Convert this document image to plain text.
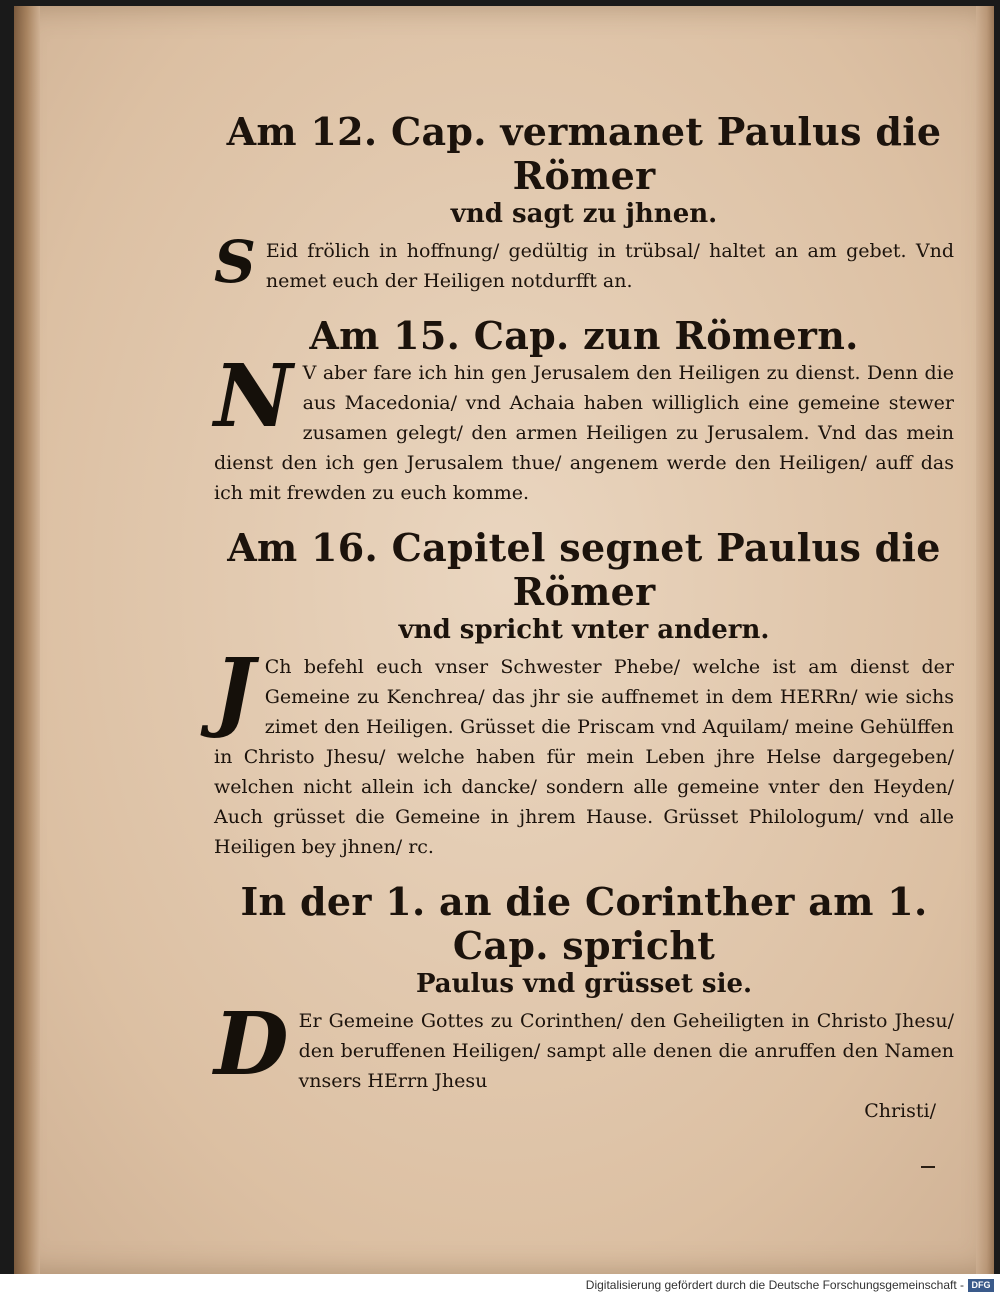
Am 12. Cap. vermanet Paulus die Römer
vnd sagt zu jhnen.

S Eid frölich in hoffnung/ gedültig in trübsal/ haltet an am gebet. Vnd nemet euch der Heiligen notdurfft an.

Am 15. Cap. zun Römern.

N V aber fare ich hin gen Jerusalem den Heiligen zu dienst. Denn die aus Macedonia/ vnd Achaia haben williglich eine gemeine stewer zusamen gelegt/ den armen Heiligen zu Jerusalem. Vnd das mein dienst den ich gen Jerusalem thue/ angenem werde den Heiligen/ auff das ich mit frewden zu euch komme.

Am 16. Capitel segnet Paulus die Römer
vnd spricht vnter andern.

J Ch befehl euch vnser Schwester Phebe/ welche ist am dienst der Gemeine zu Kenchrea/ das jhr sie auffnemet in dem HERRn/ wie sichs zimet den Heiligen. Grüsset die Priscam vnd Aquilam/ meine Gehülffen in Christo Jhesu/ welche haben für mein Leben jhre Helse dargegeben/ welchen nicht allein ich dancke/ sondern alle gemeine vnter den Heyden/ Auch grüsset die Gemeine in jhrem Hause. Grüsset Philologum/ vnd alle Heiligen bey jhnen/ rc.

In der 1. an die Corinther am 1. Cap. spricht
Paulus vnd grüsset sie.

D Er Gemeine Gottes zu Corinthen/ den Geheiligten in Christo Jhesu/ den beruffenen Heiligen/ sampt alle denen die anruffen den Namen vnsers HErrn Jhesu

Christi/
Digitalisierung gefördert durch die Deutsche Forschungsgemeinschaft - DFG
